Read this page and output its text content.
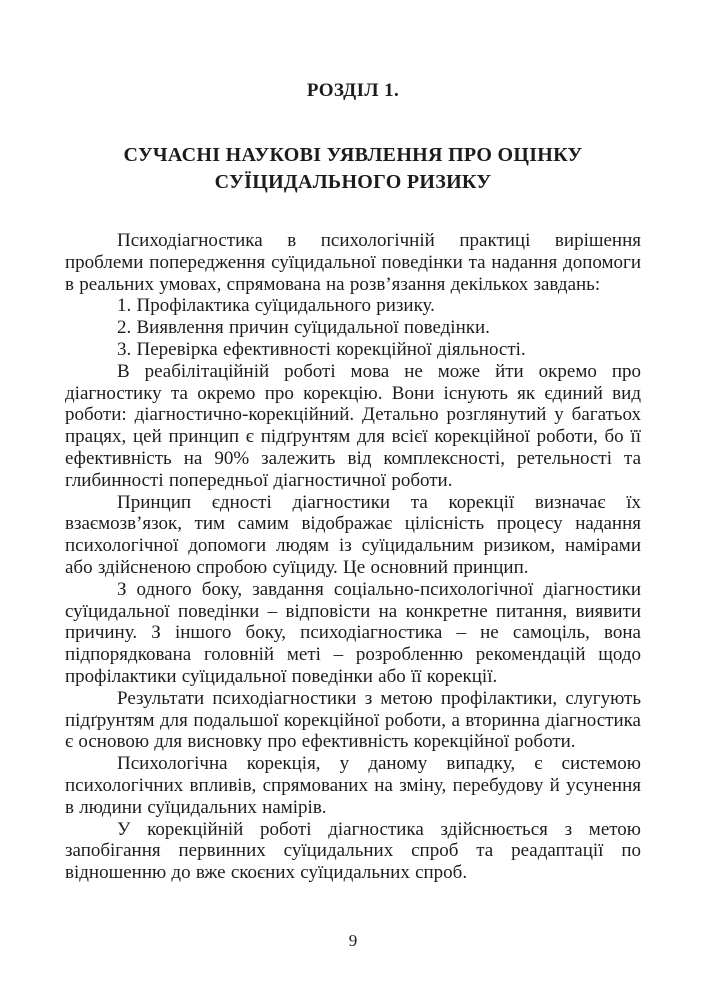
РОЗДІЛ 1.
СУЧАСНІ НАУКОВІ УЯВЛЕННЯ ПРО ОЦІНКУ СУЇЦИДАЛЬНОГО РИЗИКУ

Психодіагностика в психологічній практиці вирішення проблеми попередження суїцидальної поведінки та надання допомоги в реальних умовах, спрямована на розв’язання декількох завдань:

1. Профілактика суїцидального ризику.

2. Виявлення причин суїцидальної поведінки.

3. Перевірка ефективності корекційної діяльності.

В реабілітаційній роботі мова не може йти окремо про діагностику та окремо про корекцію. Вони існують як єдиний вид роботи: діагностично-корекційний. Детально розглянутий у багатьох працях, цей принцип є підґрунтям для всієї корекційної роботи, бо її ефективність на 90% залежить від комплексності, ретельності та глибинності попередньої діагностичної роботи.

Принцип єдності діагностики та корекції визначає їх взаємозв’язок, тим самим відображає цілісність процесу надання психологічної допомоги людям із суїцидальним ризиком, намірами або здійсненою спробою суїциду. Це основний принцип.

З одного боку, завдання соціально-психологічної діагностики суїцидальної поведінки – відповісти на конкретне питання, виявити причину. З іншого боку, психодіагностика – не самоціль, вона підпорядкована головній меті – розробленню рекомендацій щодо профілактики суїцидальної поведінки або її корекції.

Результати психодіагностики з метою профілактики, слугують підґрунтям для подальшої корекційної роботи, а вторинна діагностика є основою для висновку про ефективність корекційної роботи.

Психологічна корекція, у даному випадку, є системою психологічних впливів, спрямованих на зміну, перебудову й усунення в людини суїцидальних намірів.

У корекційній роботі діагностика здійснюється з метою запобігання первинних суїцидальних спроб та реадаптації по відношенню до вже скоєних суїцидальних спроб.

9
